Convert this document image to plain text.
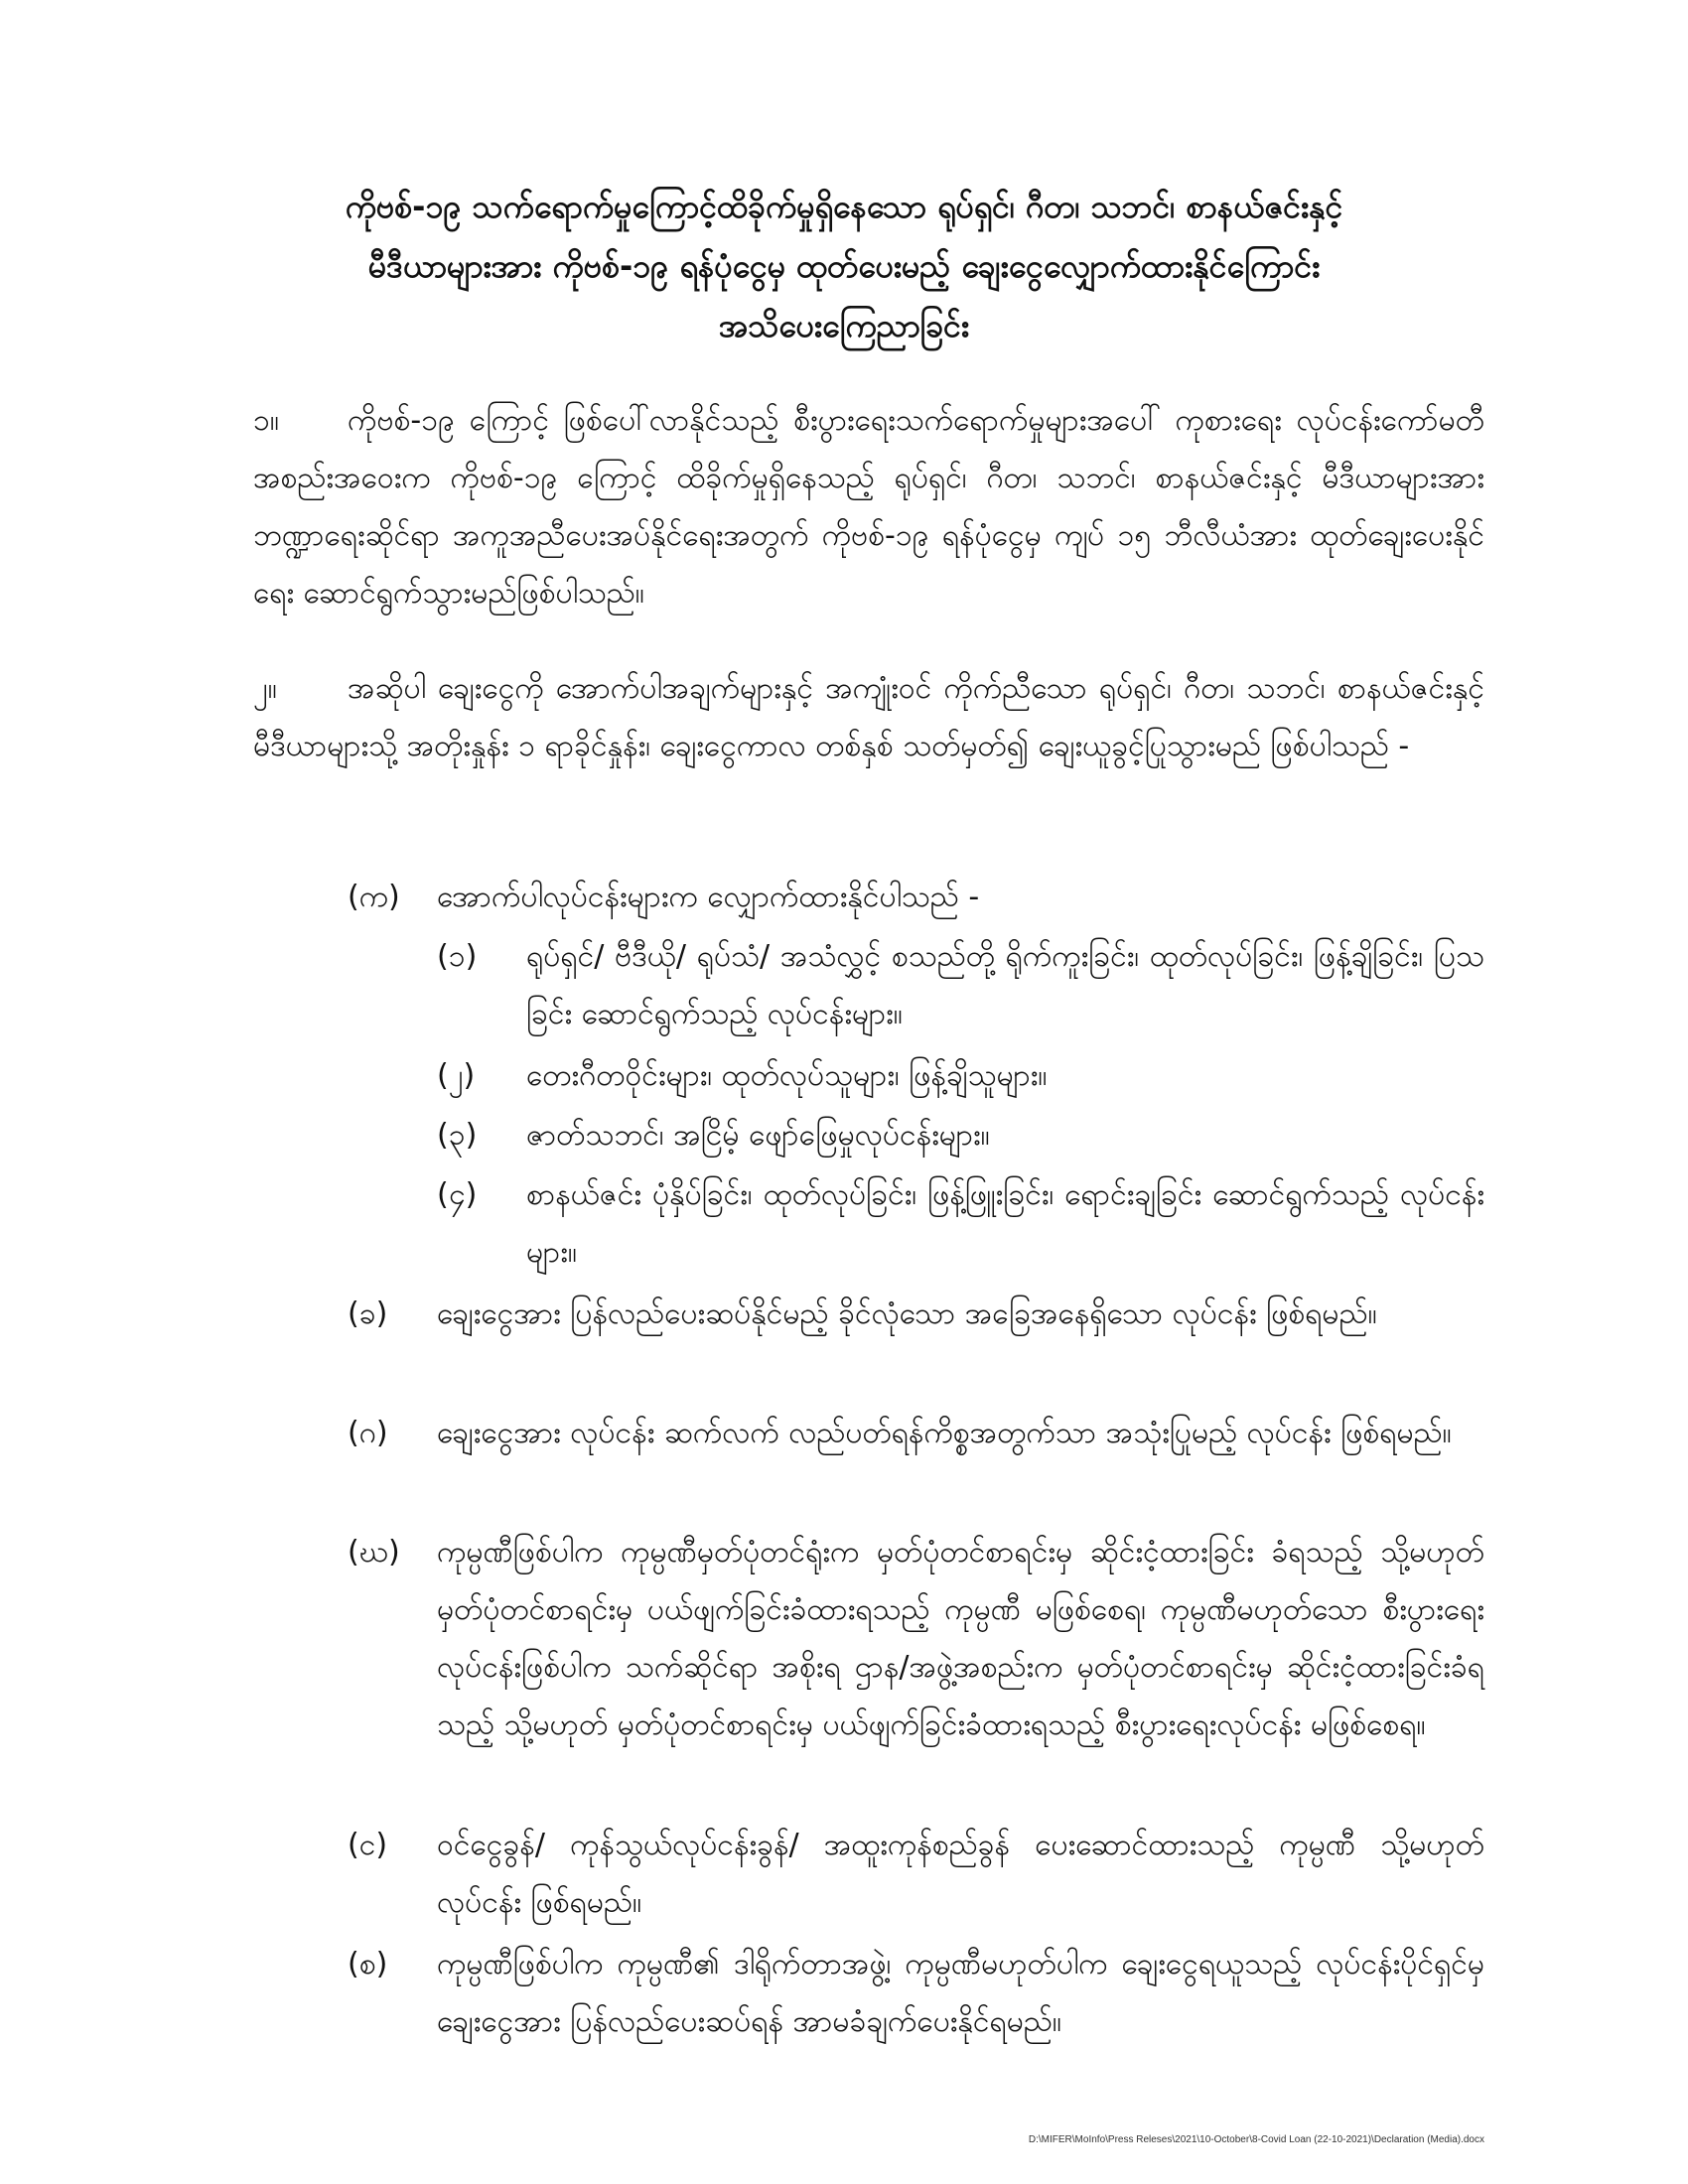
ကိုဗစ်-၁၉ သက်ရောက်မှုကြောင့်ထိခိုက်မှုရှိနေသော ရုပ်ရှင်၊ ဂီတ၊ သဘင်၊ စာနယ်ဇင်းနှင့်
မီဒီယာများအား ကိုဗစ်-၁၉ ရန်ပုံငွေမှ ထုတ်ပေးမည့် ချေးငွေလျှောက်ထားနိုင်ကြောင်း
အသိပေးကြေညာခြင်း
၁။ ကိုဗစ်-၁၉ ကြောင့် ဖြစ်ပေါ်လာနိုင်သည့် စီးပွားရေးသက်ရောက်မှုများအပေါ် ကုစားရေး လုပ်ငန်းကော်မတီအစည်းအဝေးက ကိုဗစ်-၁၉ ကြောင့် ထိခိုက်မှုရှိနေသည့် ရုပ်ရှင်၊ ဂီတ၊ သဘင်၊ စာနယ်ဇင်းနှင့် မီဒီယာများအား ဘဏ္ဍာရေးဆိုင်ရာ အကူအညီပေးအပ်နိုင်ရေးအတွက် ကိုဗစ်-၁၉ ရန်ပုံငွေမှ ကျပ် ၁၅ ဘီလီယံအား ထုတ်ချေးပေးနိုင်ရေး ဆောင်ရွက်သွားမည်ဖြစ်ပါသည်။
၂။ အဆိုပါ ချေးငွေကို အောက်ပါအချက်များနှင့် အကျုံးဝင် ကိုက်ညီသော ရုပ်ရှင်၊ ဂီတ၊ သဘင်၊ စာနယ်ဇင်းနှင့် မီဒီယာများသို့ အတိုးနှုန်း ၁ ရာခိုင်နှုန်း၊ ချေးငွေကာလ တစ်နှစ် သတ်မှတ်၍ ချေးယူခွင့်ပြုသွားမည် ဖြစ်ပါသည် -
(က) အောက်ပါလုပ်ငန်းများက လျှောက်ထားနိုင်ပါသည် -
(၁) ရုပ်ရှင်/ ဗီဒီယို/ ရုပ်သံ/ အသံလွှင့် စသည်တို့ ရိုက်ကူးခြင်း၊ ထုတ်လုပ်ခြင်း၊ ဖြန့်ချိခြင်း၊ ပြသခြင်း ဆောင်ရွက်သည့် လုပ်ငန်းများ။
(၂) တေးဂီတဝိုင်းများ၊ ထုတ်လုပ်သူများ၊ ဖြန့်ချိသူများ။
(၃) ဇာတ်သဘင်၊ အငြိမ့် ဖျော်ဖြေမှုလုပ်ငန်းများ။
(၄) စာနယ်ဇင်း ပုံနှိပ်ခြင်း၊ ထုတ်လုပ်ခြင်း၊ ဖြန့်ဖြူးခြင်း၊ ရောင်းချခြင်း ဆောင်ရွက်သည့် လုပ်ငန်းများ။
(ခ) ချေးငွေအား ပြန်လည်ပေးဆပ်နိုင်မည့် ခိုင်လုံသော အခြေအနေရှိသော လုပ်ငန်း ဖြစ်ရမည်။
(ဂ) ချေးငွေအား လုပ်ငန်း ဆက်လက် လည်ပတ်ရန်ကိစ္စအတွက်သာ အသုံးပြုမည့် လုပ်ငန်း ဖြစ်ရမည်။
(ဃ) ကုမ္ပဏီဖြစ်ပါက ကုမ္ပဏီမှတ်ပုံတင်ရုံးက မှတ်ပုံတင်စာရင်းမှ ဆိုင်းငံ့ထားခြင်း ခံရသည့် သို့မဟုတ် မှတ်ပုံတင်စာရင်းမှ ပယ်ဖျက်ခြင်းခံထားရသည့် ကုမ္ပဏီ မဖြစ်စေရ၊ ကုမ္ပဏီမဟုတ်သော စီးပွားရေးလုပ်ငန်းဖြစ်ပါက သက်ဆိုင်ရာ အစိုးရ ဌာန/အဖွဲ့အစည်းက မှတ်ပုံတင်စာရင်းမှ ဆိုင်းငံ့ထားခြင်းခံရသည့် သို့မဟုတ် မှတ်ပုံတင်စာရင်းမှ ပယ်ဖျက်ခြင်းခံထားရသည့် စီးပွားရေးလုပ်ငန်း မဖြစ်စေရ။
(င) ဝင်ငွေခွန်/ ကုန်သွယ်လုပ်ငန်းခွန်/ အထူးကုန်စည်ခွန် ပေးဆောင်ထားသည့် ကုမ္ပဏီ သို့မဟုတ် လုပ်ငန်း ဖြစ်ရမည်။
(စ) ကုမ္ပဏီဖြစ်ပါက ကုမ္ပဏီ၏ ဒါရိုက်တာအဖွဲ့၊ ကုမ္ပဏီမဟုတ်ပါက ချေးငွေရယူသည့် လုပ်ငန်းပိုင်ရှင်မှ ချေးငွေအား ပြန်လည်ပေးဆပ်ရန် အာမခံချက်ပေးနိုင်ရမည်။
D:\MIFER\MoInfo\Press Releses\2021\10-October\8-Covid Loan (22-10-2021)\Declaration (Media).docx
